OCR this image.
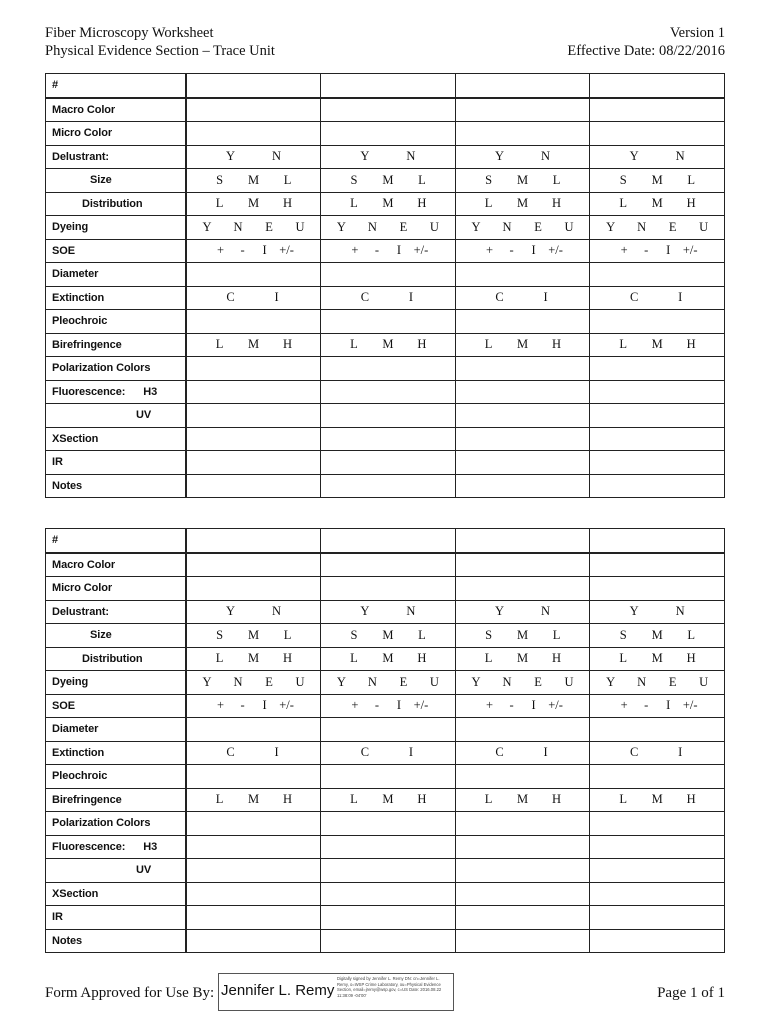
Fiber Microscopy Worksheet
Physical Evidence Section – Trace Unit
Version 1
Effective Date: 08/22/2016
#				
Macro Color				
Micro Color				
Delustrant:	Y N	Y N	Y N	Y N

Size	S M L	S M L	S M L	S M L

Distribution	L M H	L M H	L M H	L M H

Dyeing	Y N E U	Y N E U	Y N E U	Y N E U

SOE	+ - I +/-	+ - I +/-	+ - I +/-	+ - I +/-

Diameter				
Extinction	C I	C I	C I	C I

Pleochroic				
Birefringence	L M H	L M H	L M H	L M H

Polarization Colors				
Fluorescence: H3				
UV				
XSection				
IR				
Notes				
#				
Macro Color				
Micro Color				
Delustrant:	Y N	Y N	Y N	Y N

Size	S M L	S M L	S M L	S M L

Distribution	L M H	L M H	L M H	L M H

Dyeing	Y N E U	Y N E U	Y N E U	Y N E U

SOE	+ - I +/-	+ - I +/-	+ - I +/-	+ - I +/-

Diameter				
Extinction	C I	C I	C I	C I

Pleochroic				
Birefringence	L M H	L M H	L M H	L M H

Polarization Colors				
Fluorescence: H3				
UV				
XSection				
IR				
Notes				
Form Approved for Use By: Jennifer L. Remy
Digitally signed by Jennifer L. Remy DN: cn=Jennifer L. Remy, o=WSP Crime Laboratory, ou=Physical Evidence Section, email=jremy@wsp.gov, c=US Date: 2016.08.22 11:38:09 -04'00'	Page 1 of 1
